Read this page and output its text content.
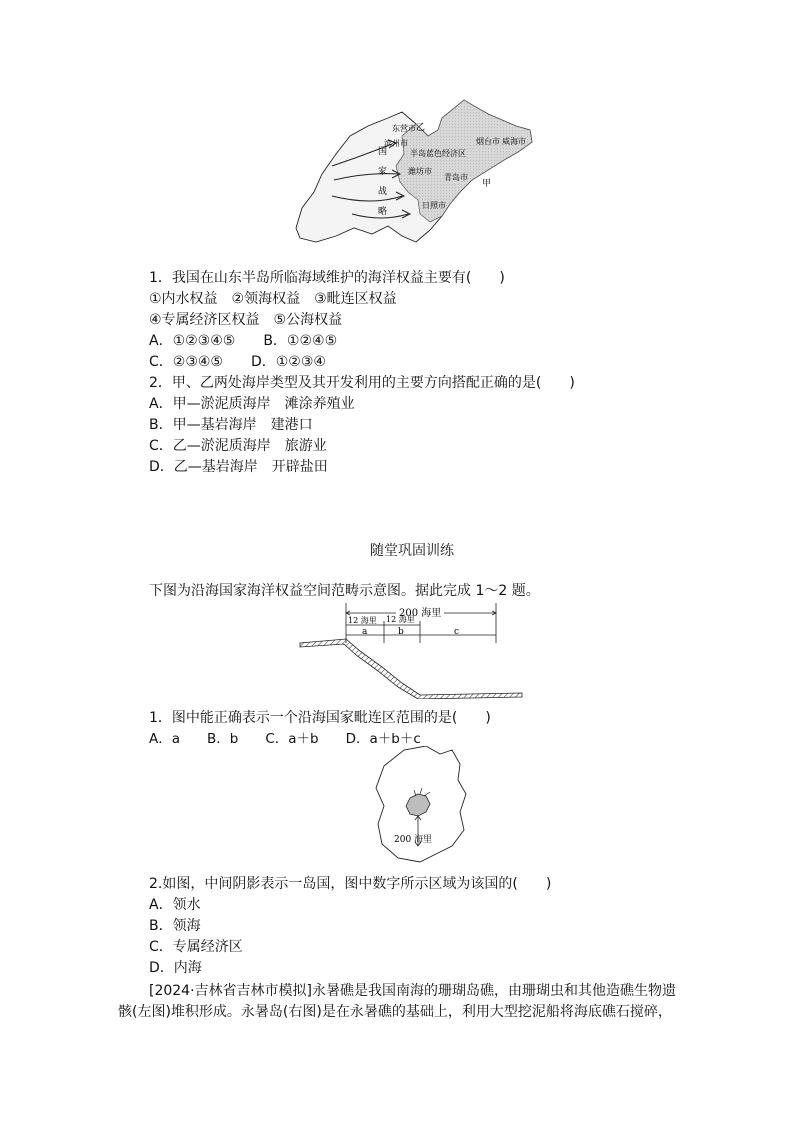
国
家
战
略
东营市 乙
滨州市	烟台市 威海市
半岛蓝色经济区
潍坊市
青岛市
甲
日照市
1．我国在山东半岛所临海域维护的海洋权益主要有(　　)
①内水权益　②领海权益　③毗连区权益
④专属经济区权益　⑤公海权益
A．①②③④⑤　　B．①②④⑤
C．②③④⑤　　D．①②③④
2．甲、乙两处海岸类型及其开发利用的主要方向搭配正确的是(　　)
A．甲—淤泥质海岸　滩涂养殖业
B．甲—基岩海岸　建港口
C．乙—淤泥质海岸　旅游业
D．乙—基岩海岸　开辟盐田
随堂巩固训练
下图为沿海国家海洋权益空间范畴示意图。据此完成 1～2 题。
200 海里
12 海里 12 海里
a	b	c
1．图中能正确表示一个沿海国家毗连区范围的是(　　)
A．a　　B．b　　C．a＋b　　D．a＋b＋c
200 海里
2.如图，中间阴影表示一岛国，图中数字所示区域为该国的(　　)
A．领水
B．领海
C．专属经济区
D．内海
[2024·吉林省吉林市模拟]永暑礁是我国南海的珊瑚岛礁，由珊瑚虫和其他造礁生物遗
骸(左图)堆积形成。永暑岛(右图)是在永暑礁的基础上，利用大型挖泥船将海底礁石搅碎，
